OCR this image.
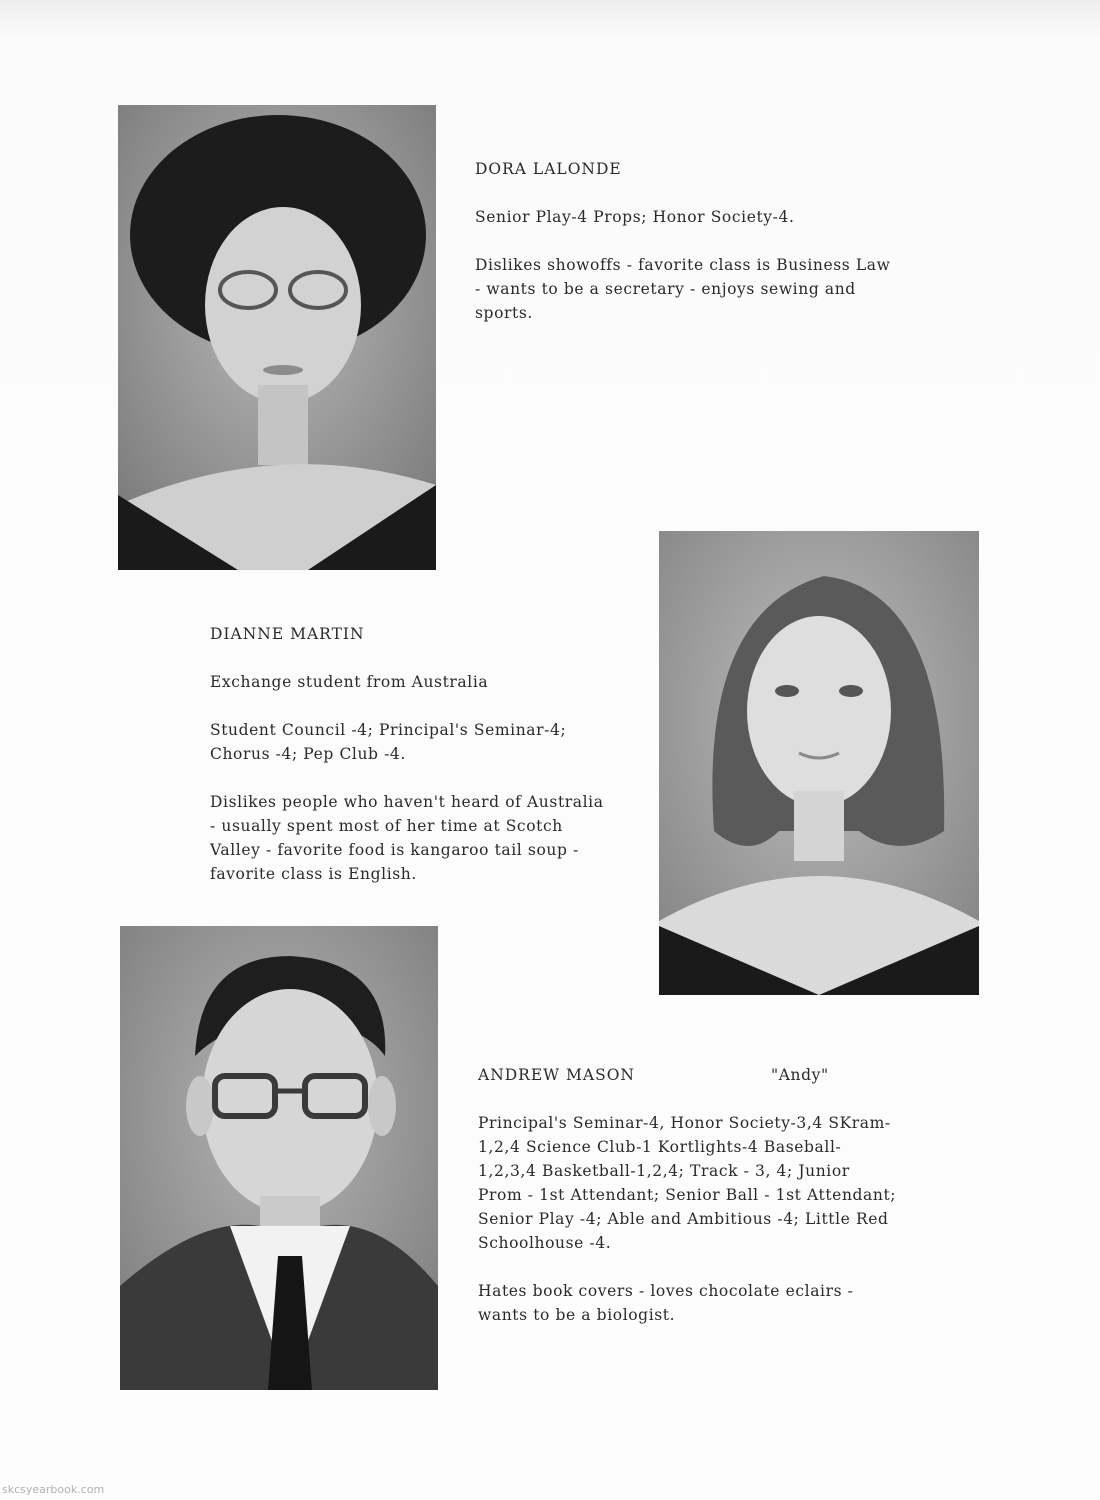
DORA LALONDE

Senior Play-4 Props; Honor Society-4.

Dislikes showoffs - favorite class is Business Law - wants to be a secretary - enjoys sewing and sports.

DIANNE MARTIN

Exchange student from Australia

Student Council -4; Principal's Seminar-4; Chorus -4; Pep Club -4.

Dislikes people who haven't heard of Australia - usually spent most of her time at Scotch Valley - favorite food is kangaroo tail soup - favorite class is English.

ANDREW MASON

Principal's Seminar-4, Honor Society-3,4 SKram-1,2,4 Science Club-1 Kortlights-4 Baseball-1,2,3,4 Basketball-1,2,4; Track - 3, 4; Junior Prom - 1st Attendant; Senior Ball - 1st Attendant; Senior Play -4; Able and Ambitious -4; Little Red Schoolhouse -4.

Hates book covers - loves chocolate eclairs - wants to be a biologist.

"Andy"
skcsyearbook.com
